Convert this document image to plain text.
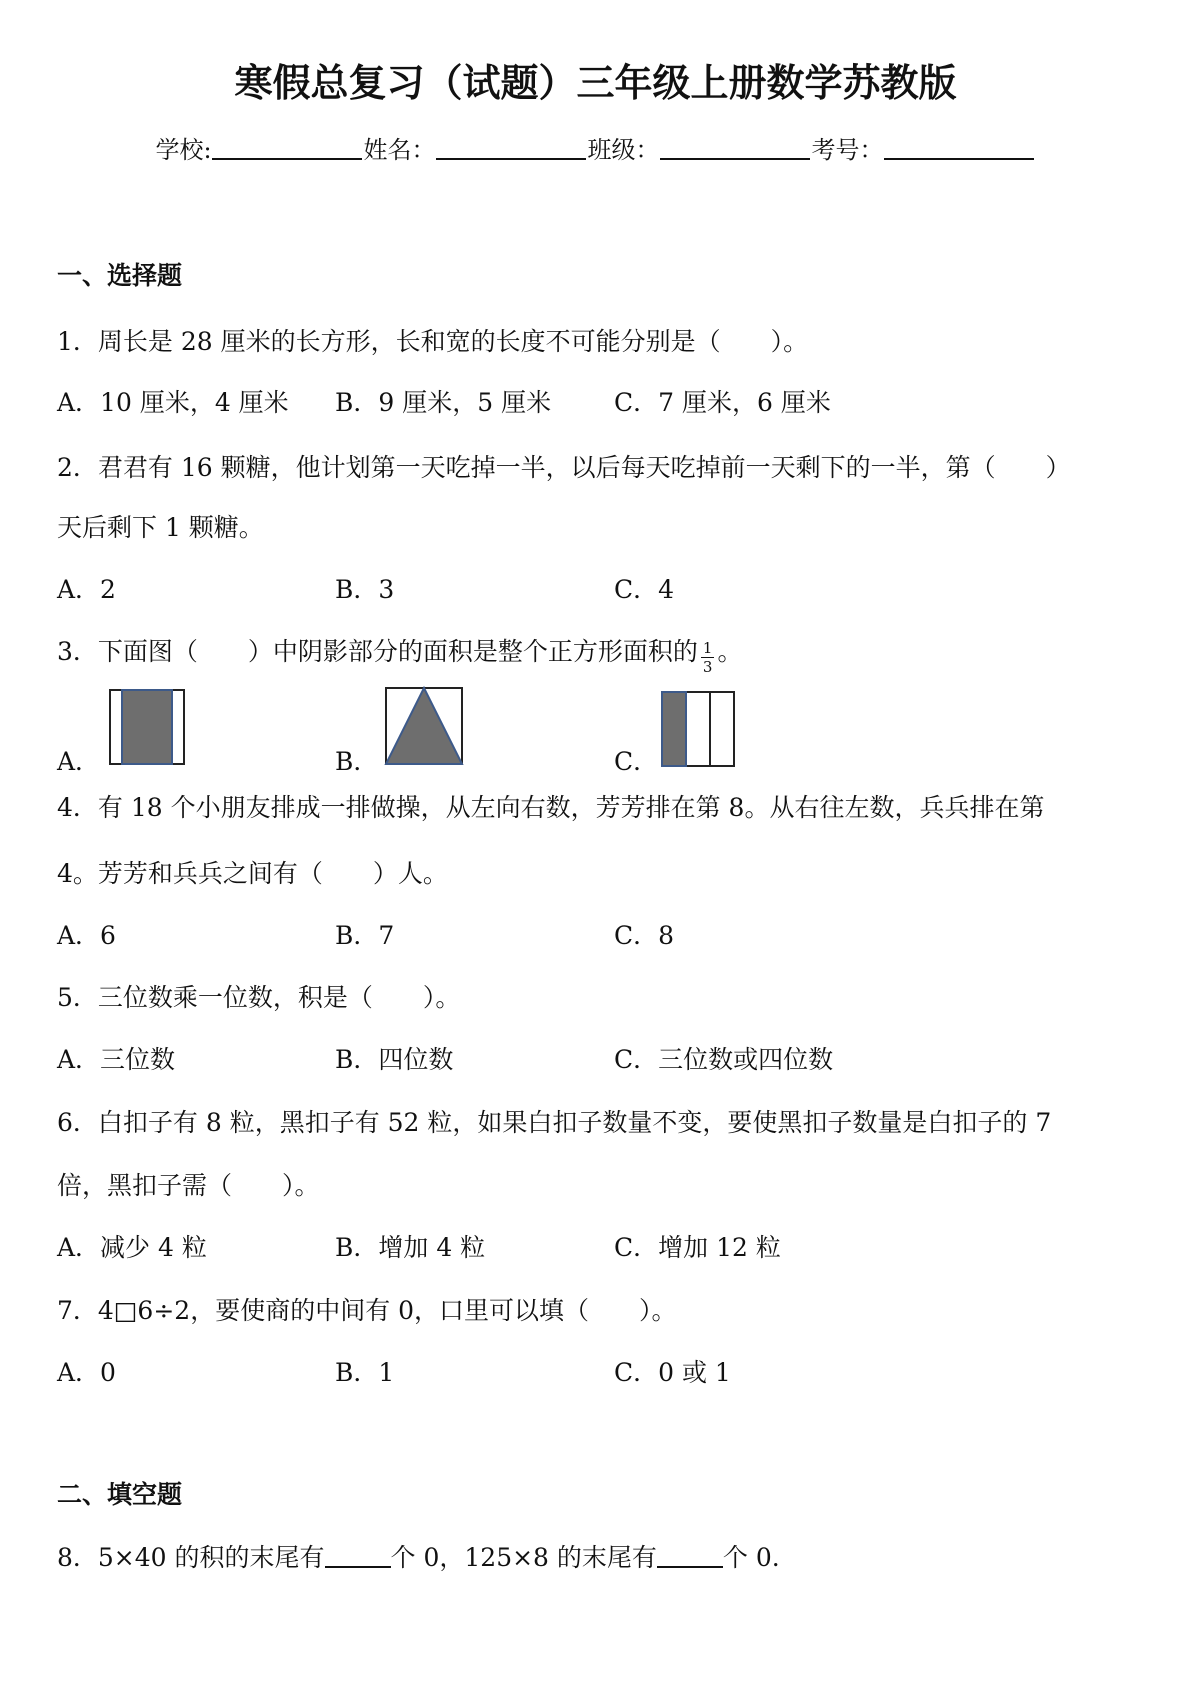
寒假总复习（试题）三年级上册数学苏教版
学校:	姓名：	班级：	考号：
一、选择题
1．周长是 28 厘米的长方形，长和宽的长度不可能分别是（　　）。
A．10 厘米，4 厘米 B．9 厘米，5 厘米	C．7 厘米，6 厘米
2．君君有 16 颗糖，他计划第一天吃掉一半，以后每天吃掉前一天剩下的一半，第（　　）
天后剩下 1 颗糖。
A．2	B．3	C．4
3．下面图（　　）中阴影部分的面积是整个正方形面积的 $\frac{1}{3}$ 。
A．	B．	C．
4．有 18 个小朋友排成一排做操，从左向右数，芳芳排在第 8。从右往左数，兵兵排在第
4。芳芳和兵兵之间有（　　）人。
A．6	B．7	C．8
5．三位数乘一位数，积是（　　）。
A．三位数	B．四位数	C．三位数或四位数
6．白扣子有 8 粒，黑扣子有 52 粒，如果白扣子数量不变，要使黑扣子数量是白扣子的 7
倍，黑扣子需（　　）。
A．减少 4 粒	B．增加 4 粒	C．增加 12 粒
7．4□6÷2，要使商的中间有 0，口里可以填（　　）。
A．0	B．1	C．0 或 1
二、填空题
8．5×40 的积的末尾有	个 0，125×8 的末尾有	个 0.
